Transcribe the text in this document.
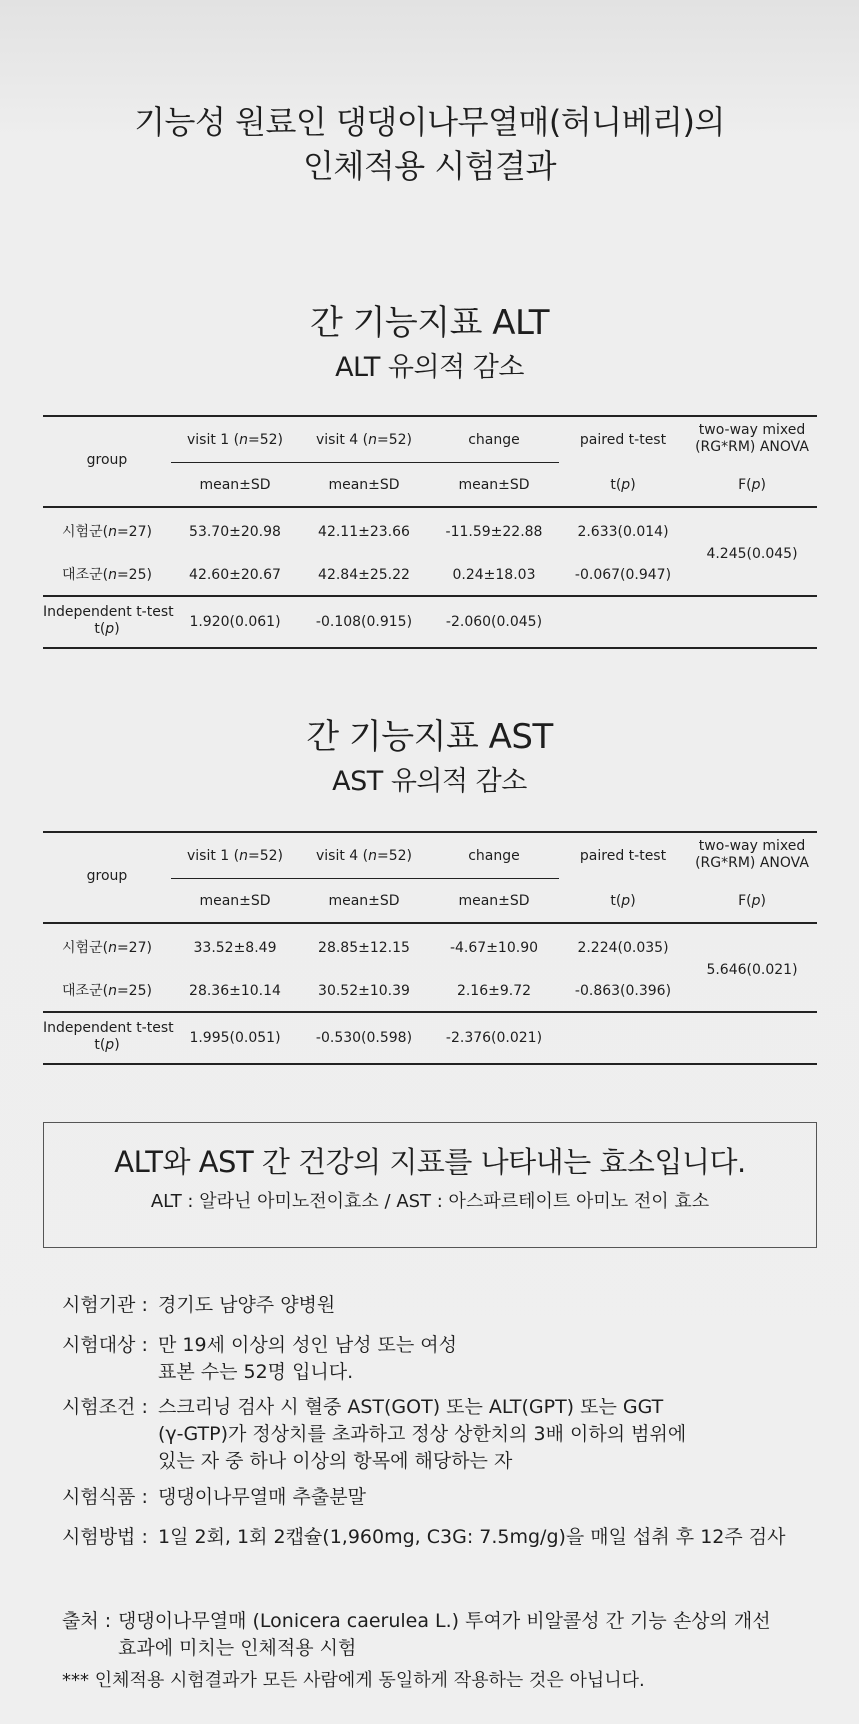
기능성 원료인 댕댕이나무열매(허니베리)의
인체적용 시험결과
간 기능지표 ALT
ALT 유의적 감소
group
visit 1 (n=52)	visit 4 (n=52)	change	paired t-test
two-way mixed
(RG*RM) ANOVA
mean±SD	mean±SD	mean±SD	t(p)	F(p)
시험군(n=27)	53.70±20.98	42.11±23.66	-11.59±22.88	2.633(0.014)
대조군(n=25)	42.60±20.67	42.84±25.22	0.24±18.03	-0.067(0.947)
4.245(0.045)
Independent t-test
t(p)	1.920(0.061)	-0.108(0.915)	-2.060(0.045)
간 기능지표 AST
AST 유의적 감소
group
visit 1 (n=52)	visit 4 (n=52)	change	paired t-test
two-way mixed
(RG*RM) ANOVA
mean±SD	mean±SD	mean±SD	t(p)	F(p)
시험군(n=27)	33.52±8.49	28.85±12.15	-4.67±10.90	2.224(0.035)
대조군(n=25)	28.36±10.14	30.52±10.39	2.16±9.72	-0.863(0.396)
5.646(0.021)
Independent t-test
t(p)	1.995(0.051)	-0.530(0.598)	-2.376(0.021)
ALT와 AST 간 건강의 지표를 나타내는 효소입니다.
ALT : 알라닌 아미노전이효소 / AST : 아스파르테이트 아미노 전이 효소
시험기관 : 경기도 남양주 양병원
시험대상 : 만 19세 이상의 성인 남성 또는 여성
표본 수는 52명 입니다.
시험조건 : 스크리닝 검사 시 혈중 AST(GOT) 또는 ALT(GPT) 또는 GGT
(γ-GTP)가 정상치를 초과하고 정상 상한치의 3배 이하의 범위에
있는 자 중 하나 이상의 항목에 해당하는 자
시험식품 : 댕댕이나무열매 추출분말
시험방법 : 1일 2회, 1회 2캡슐(1,960mg, C3G: 7.5mg/g)을 매일 섭취 후 12주 검사
출처 : 댕댕이나무열매 (Lonicera caerulea L.) 투여가 비알콜성 간 기능 손상의 개선
효과에 미치는 인체적용 시험
*** 인체적용 시험결과가 모든 사람에게 동일하게 작용하는 것은 아닙니다.
